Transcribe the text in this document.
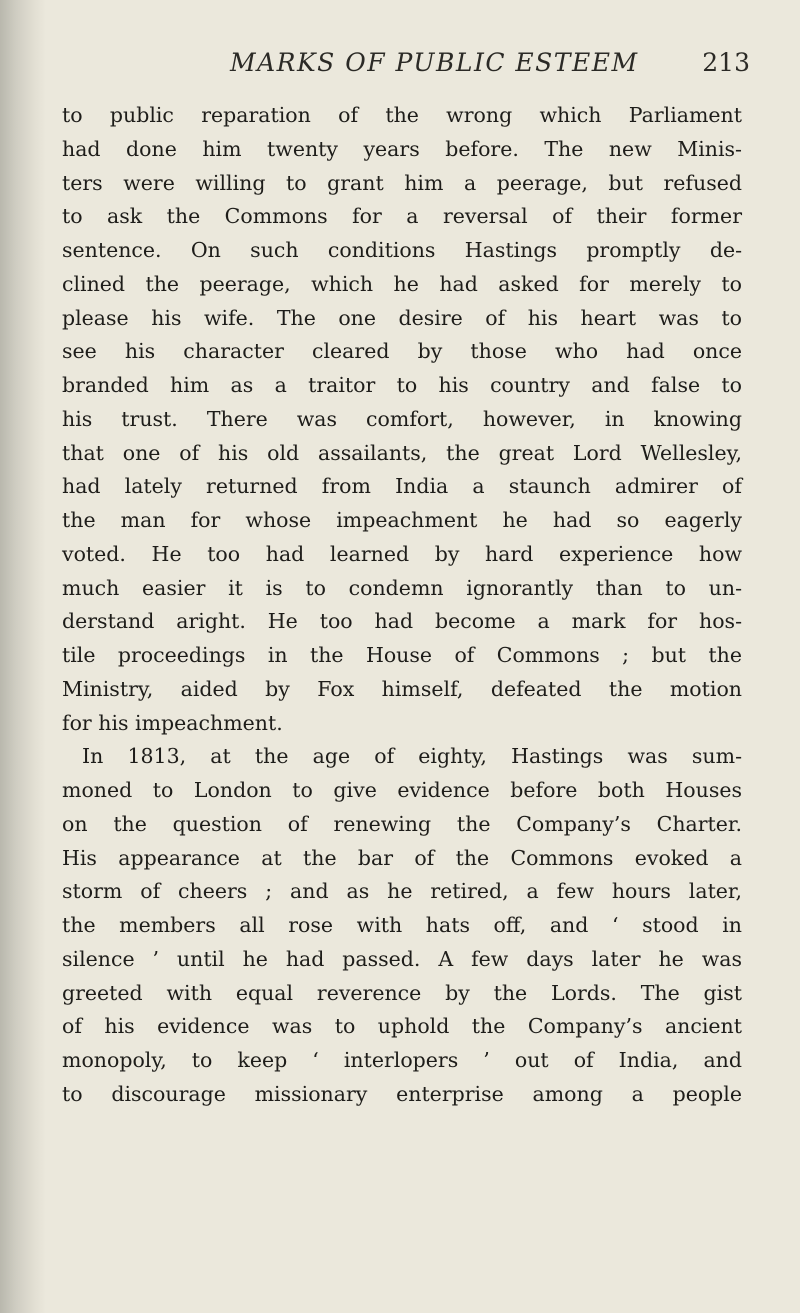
MARKS OF PUBLIC ESTEEM	213
to public reparation of the wrong which Parliament
had done him twenty years before. The new Minis-
ters were willing to grant him a peerage, but refused
to ask the Commons for a reversal of their former
sentence. On such conditions Hastings promptly de-
clined the peerage, which he had asked for merely to
please his wife. The one desire of his heart was to
see his character cleared by those who had once
branded him as a traitor to his country and false to
his trust. There was comfort, however, in knowing
that one of his old assailants, the great Lord Wellesley,
had lately returned from India a staunch admirer of
the man for whose impeachment he had so eagerly
voted. He too had learned by hard experience how
much easier it is to condemn ignorantly than to un-
derstand aright. He too had become a mark for hos-
tile proceedings in the House of Commons ; but the
Ministry, aided by Fox himself, defeated the motion
for his impeachment.
In 1813, at the age of eighty, Hastings was sum-
moned to London to give evidence before both Houses
on the question of renewing the Company’s Charter.
His appearance at the bar of the Commons evoked a
storm of cheers ; and as he retired, a few hours later,
the members all rose with hats off, and ‘ stood in
silence ’ until he had passed. A few days later he was
greeted with equal reverence by the Lords. The gist
of his evidence was to uphold the Company’s ancient
monopoly, to keep ‘ interlopers ’ out of India, and
to discourage missionary enterprise among a people
